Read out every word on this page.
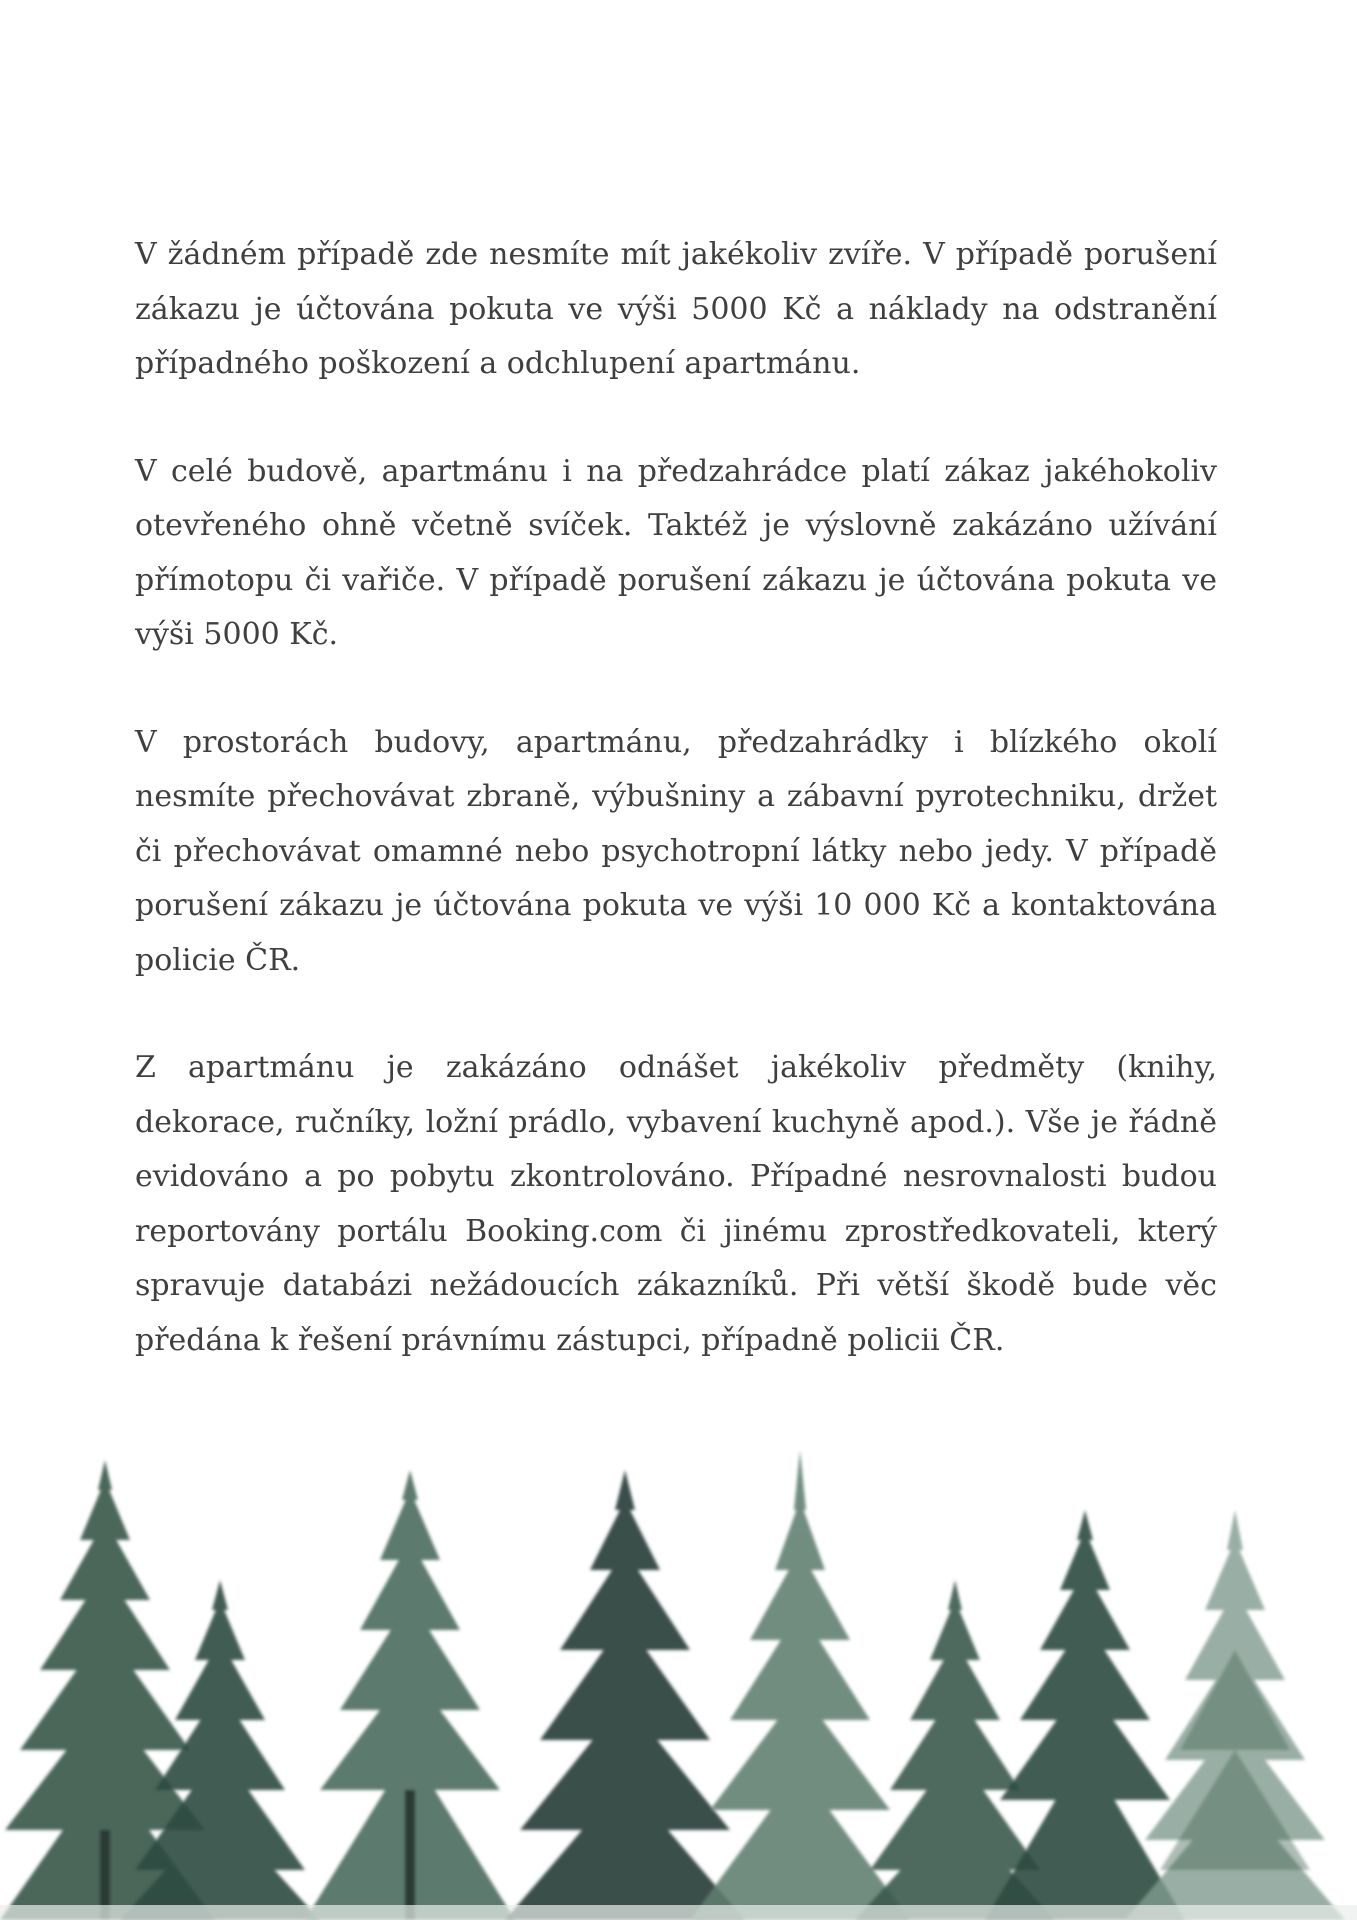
V žádném případě zde nesmíte mít jakékoliv zvíře. V případě porušení zákazu je účtována pokuta ve výši 5000 Kč a náklady na odstranění případného poškození a odchlupení apartmánu.

V celé budově, apartmánu i na předzahrádce platí zákaz jakéhokoliv otevřeného ohně včetně svíček. Taktéž je výslovně zakázáno užívání přímotopu či vařiče. V případě porušení zákazu je účtována pokuta ve výši 5000 Kč.

V prostorách budovy, apartmánu, předzahrádky i blízkého okolí nesmíte přechovávat zbraně, výbušniny a zábavní pyrotechniku, držet či přechovávat omamné nebo psychotropní látky nebo jedy. V případě porušení zákazu je účtována pokuta ve výši 10 000 Kč a kontaktována policie ČR.

Z apartmánu je zakázáno odnášet jakékoliv předměty (knihy, dekorace, ručníky, ložní prádlo, vybavení kuchyně apod.). Vše je řádně evidováno a po pobytu zkontrolováno. Případné nesrovnalosti budou reportovány portálu Booking.com či jinému zprostředkovateli, který spravuje databázi nežádoucích zákazníků. Při větší škodě bude věc předána k řešení právnímu zástupci, případně policii ČR.
